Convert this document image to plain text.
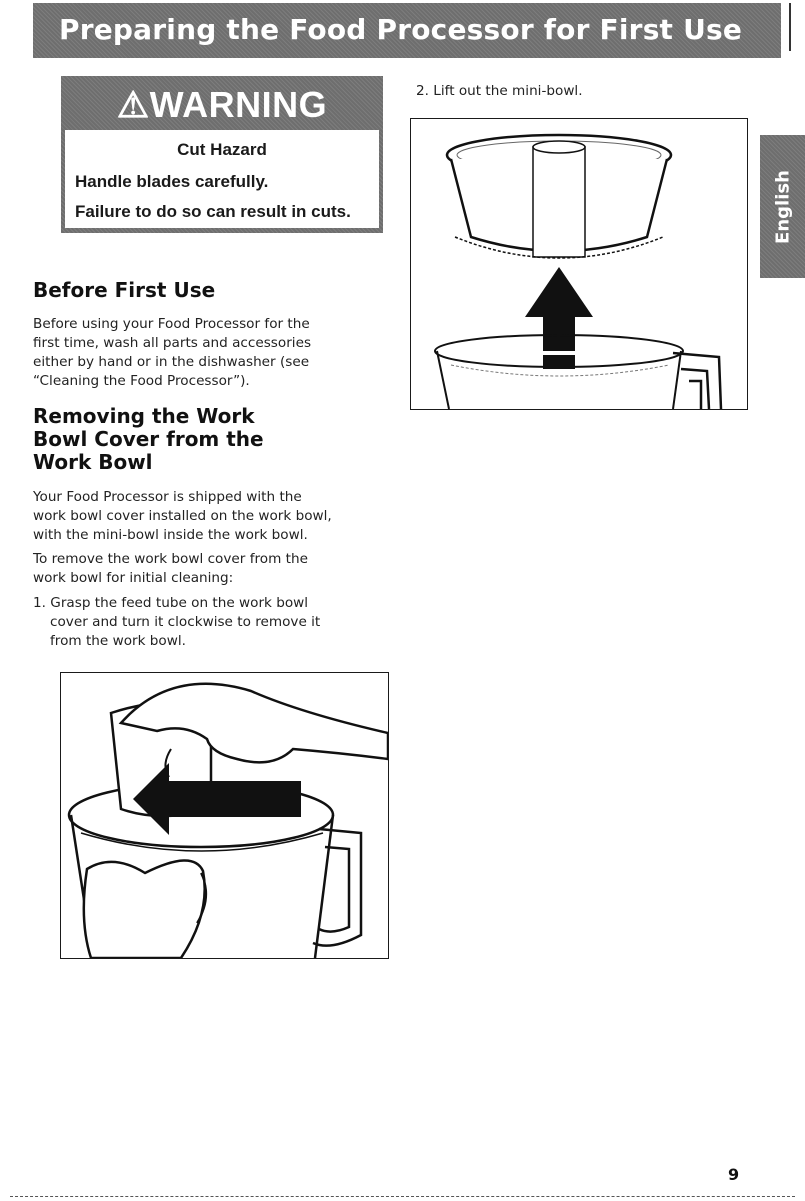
Preparing the Food Processor for First Use
⚠WARNING
Cut Hazard
Handle blades carefully.
Failure to do so can result in cuts.
Before First Use

Before using your Food Processor for the

first time, wash all parts and accessories

either by hand or in the dishwasher (see

“Cleaning the Food Processor”).

Removing the Work
Bowl Cover from the
Work Bowl

Your Food Processor is shipped with the

work bowl cover installed on the work bowl,

with the mini-bowl inside the work bowl.

To remove the work bowl cover from the

work bowl for initial cleaning:

1. Grasp the feed tube on the work bowl

cover and turn it clockwise to remove it

from the work bowl.

2. Lift out the mini-bowl.
English
9
